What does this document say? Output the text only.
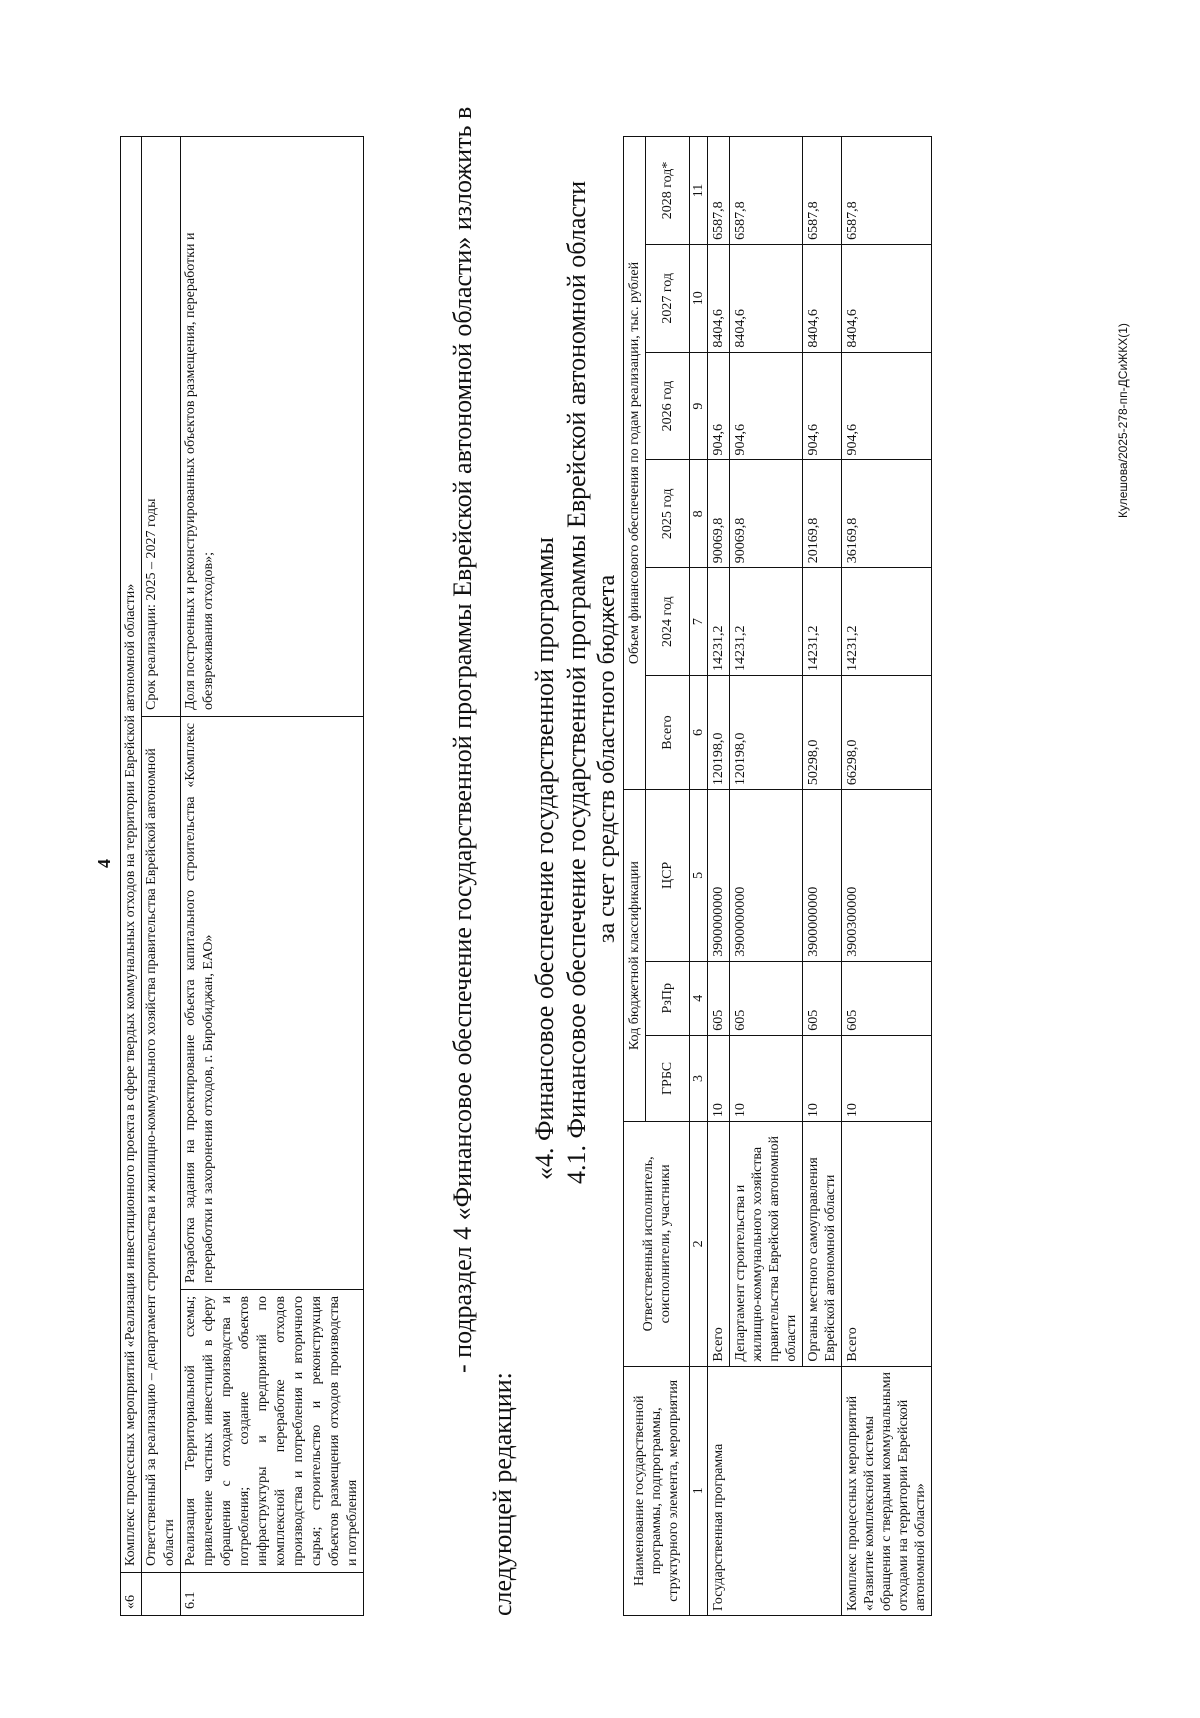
4
«6	Комплекс процессных мероприятий «Реализация инвестиционного проекта в сфере твердых коммунальных отходов на территории Еврейской автономной области»		
	Ответственный за реализацию – департамент строительства и жилищно-коммунального хозяйства правительства Еврейской автономной области		Срок реализации: 2025 – 2027 годы
6.1	Реализация Территориальной схемы; привлечение частных инвестиций в сферу обращения с отходами производства и потребления; создание объектов инфраструктуры и предприятий по комплексной переработке отходов производства и потребления и вторичного сырья; строительство и реконструкция объектов размещения отходов производства и потребления	Разработка задания на проектирование объекта капитального строительства «Комплекс переработки и захоронения отходов, г. Биробиджан, ЕАО»	Доля построенных и реконструированных объектов размещения, переработки и обезвреживания отходов»;	- подраздел 4 «Финансовое обеспечение государственной программы Еврейской автономной области» изложить в
следующей редакции:
«4. Финансовое обеспечение государственной программы 4.1. Финансовое обеспечение государственной программы Еврейской автономной области за счет средств областного бюджета
Наименование государственной программы, подпрограммы, структурного элемента, мероприятия	Ответственный исполнитель, соисполнители, участники	Код бюджетной классификации			Объем финансового обеспечения по годам реализации, тыс. рублей					
		ГРБС	РзПр	ЦСР	Всего	2024 год	2025 год	2026 год	2027 год	2028 год*
1	2	3	4	5	6	7	8	9	10	11
Государственная программа	Всего	10	605	3900000000	120198,0	14231,2	90069,8	904,6	8404,6	6587,8
	Департамент строительства и жилищно-коммунального хозяйства правительства Еврейской автономной области	10	605	3900000000	120198,0	14231,2	90069,8	904,6	8404,6	6587,8
	Органы местного самоуправления Еврейской автономной области	10	605	3900000000	50298,0	14231,2	20169,8	904,6	8404,6	6587,8
Комплекс процессных мероприятий «Развитие комплексной системы обращения с твердыми коммунальными отходами на территории Еврейской автономной области»	Всего	10	605	3900300000	66298,0	14231,2	36169,8	904,6	8404,6	6587,8
Кулешова/2025-278-пп-ДСиЖКХ(1)
